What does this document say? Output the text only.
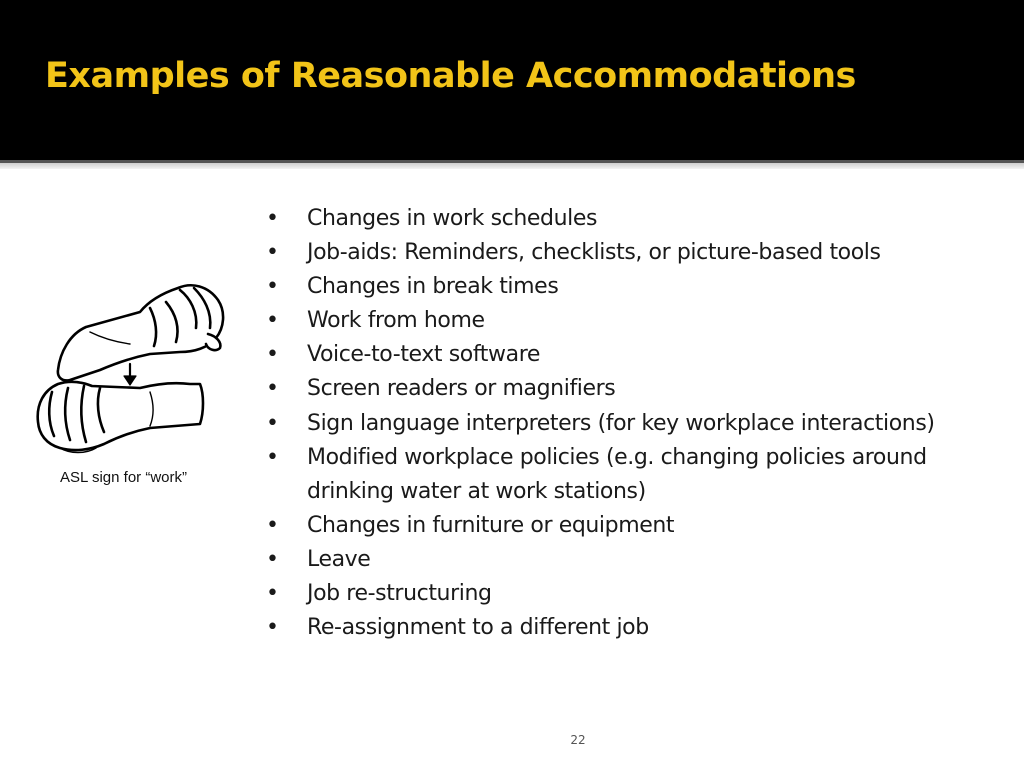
Examples of Reasonable Accommodations

ASL sign for “work”

• Changes in work schedules
• Job-aids: Reminders, checklists, or picture-based tools
• Changes in break times
• Work from home
• Voice-to-text software
• Screen readers or magnifiers
• Sign language interpreters (for key workplace interactions)
• Modified workplace policies (e.g. changing policies around drinking water at work stations)
• Changes in furniture or equipment
• Leave
• Job re-structuring
• Re-assignment to a different job
22
